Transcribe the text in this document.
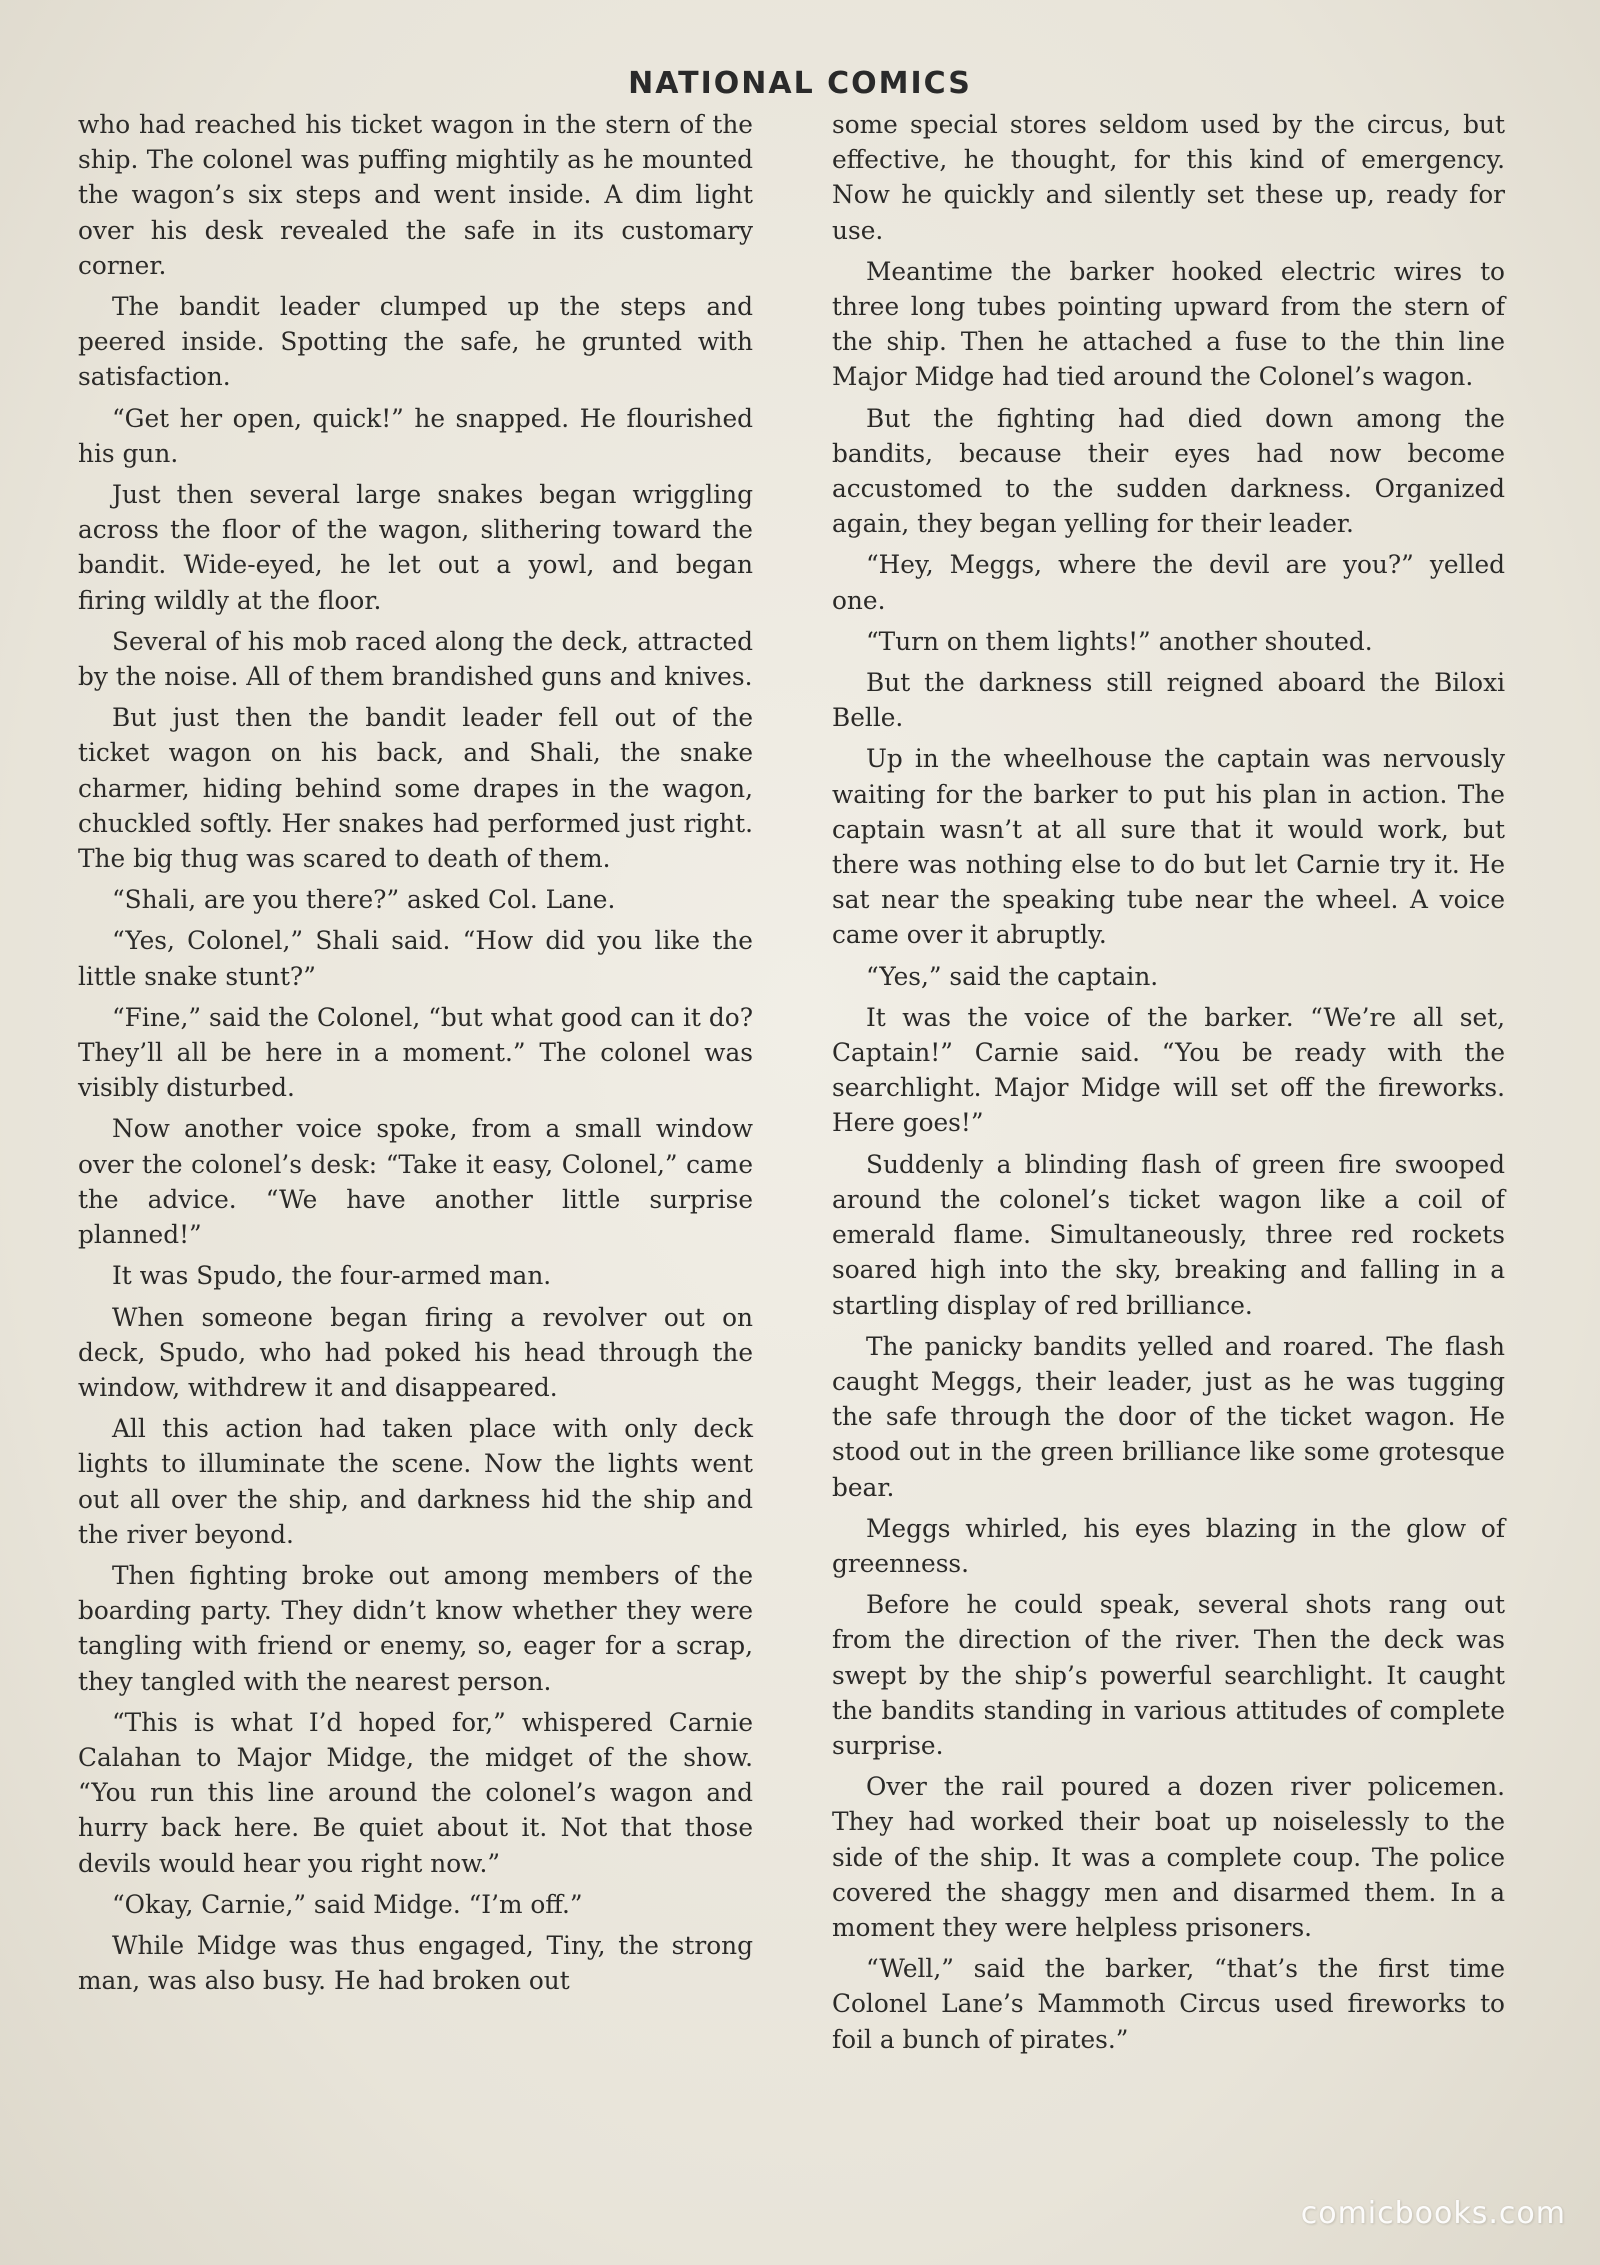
NATIONAL COMICS

who had reached his ticket wagon in the stern of the ship. The colonel was puffing mightily as he mounted the wagon’s six steps and went inside. A dim light over his desk revealed the safe in its customary corner.

The bandit leader clumped up the steps and peered inside. Spotting the safe, he grunted with satisfaction.

“Get her open, quick!” he snapped. He flourished his gun.

Just then several large snakes began wriggling across the floor of the wagon, slithering toward the bandit. Wide-eyed, he let out a yowl, and began firing wildly at the floor.

Several of his mob raced along the deck, attracted by the noise. All of them brandished guns and knives.

But just then the bandit leader fell out of the ticket wagon on his back, and Shali, the snake charmer, hiding behind some drapes in the wagon, chuckled softly. Her snakes had performed just right. The big thug was scared to death of them.

“Shali, are you there?” asked Col. Lane.

“Yes, Colonel,” Shali said. “How did you like the little snake stunt?”

“Fine,” said the Colonel, “but what good can it do? They’ll all be here in a moment.” The colonel was visibly disturbed.

Now another voice spoke, from a small window over the colonel’s desk: “Take it easy, Colonel,” came the advice. “We have another little surprise planned!”

It was Spudo, the four-armed man.

When someone began firing a revolver out on deck, Spudo, who had poked his head through the window, withdrew it and disappeared.

All this action had taken place with only deck lights to illuminate the scene. Now the lights went out all over the ship, and darkness hid the ship and the river beyond.

Then fighting broke out among members of the boarding party. They didn’t know whether they were tangling with friend or enemy, so, eager for a scrap, they tangled with the nearest person.

“This is what I’d hoped for,” whispered Carnie Calahan to Major Midge, the midget of the show. “You run this line around the colonel’s wagon and hurry back here. Be quiet about it. Not that those devils would hear you right now.”

“Okay, Carnie,” said Midge. “I’m off.”

While Midge was thus engaged, Tiny, the strong man, was also busy. He had broken out

some special stores seldom used by the circus, but effective, he thought, for this kind of emergency. Now he quickly and silently set these up, ready for use.

Meantime the barker hooked electric wires to three long tubes pointing upward from the stern of the ship. Then he attached a fuse to the thin line Major Midge had tied around the Colonel’s wagon.

But the fighting had died down among the bandits, because their eyes had now become accustomed to the sudden darkness. Organized again, they began yelling for their leader.

“Hey, Meggs, where the devil are you?” yelled one.

“Turn on them lights!” another shouted.

But the darkness still reigned aboard the Biloxi Belle.

Up in the wheelhouse the captain was nervously waiting for the barker to put his plan in action. The captain wasn’t at all sure that it would work, but there was nothing else to do but let Carnie try it. He sat near the speaking tube near the wheel. A voice came over it abruptly.

“Yes,” said the captain.

It was the voice of the barker. “We’re all set, Captain!” Carnie said. “You be ready with the searchlight. Major Midge will set off the fireworks. Here goes!”

Suddenly a blinding flash of green fire swooped around the colonel’s ticket wagon like a coil of emerald flame. Simultaneously, three red rockets soared high into the sky, breaking and falling in a startling display of red brilliance.

The panicky bandits yelled and roared. The flash caught Meggs, their leader, just as he was tugging the safe through the door of the ticket wagon. He stood out in the green brilliance like some grotesque bear.

Meggs whirled, his eyes blazing in the glow of greenness.

Before he could speak, several shots rang out from the direction of the river. Then the deck was swept by the ship’s powerful searchlight. It caught the bandits standing in various attitudes of complete surprise.

Over the rail poured a dozen river policemen. They had worked their boat up noiselessly to the side of the ship. It was a complete coup. The police covered the shaggy men and disarmed them. In a moment they were helpless prisoners.

“Well,” said the barker, “that’s the first time Colonel Lane’s Mammoth Circus used fireworks to foil a bunch of pirates.”

comicbooks.com
